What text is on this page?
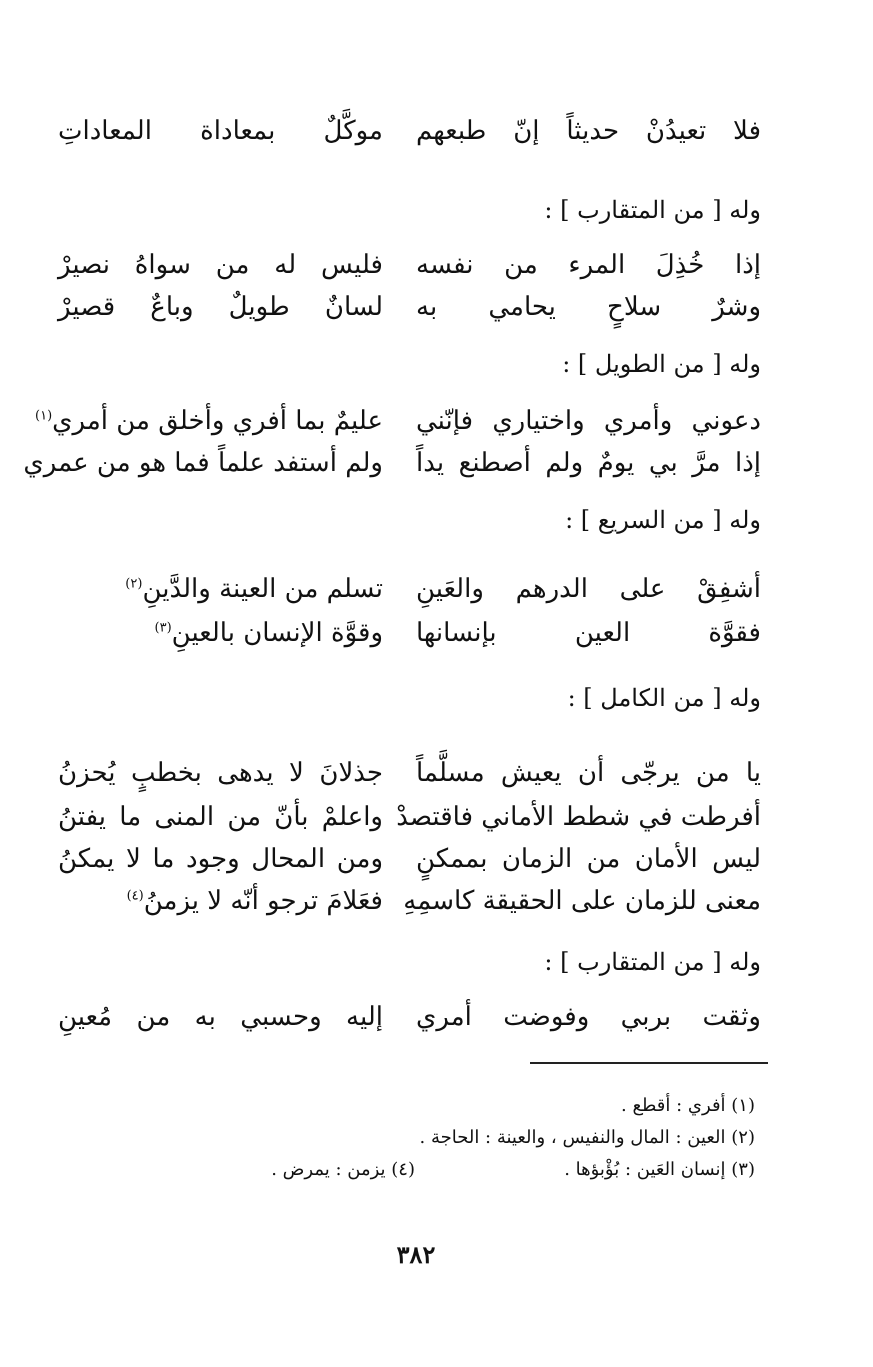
فلا تعيدُنْ حديثاً إنّ طبعهم
موكَّلٌ بمعاداة المعاداتِ
وله [ من المتقارب ] :
إذا خُذِلَ المرء من نفسه
فليس له من سواهُ نصيرْ
وشرٌ سلاحٍ يحامي به
لسانٌ طويلٌ وباعٌ قصيرْ
وله [ من الطويل ] :
دعوني وأمري واختياري فإنّني
عليمٌ بما أفري وأخلق من أمري$^{(١)}$
إذا مرَّ بي يومٌ ولم أصطنع يداً
ولم أستفد علماً فما هو من عمري
وله [ من السريع ] :
أشفِقْ على الدرهم والعَينِ
تسلم من العينة والدَّينِ$^{(٢)}$
فقوَّة العين بإنسانها
وقوَّة الإنسان بالعينِ$^{(٣)}$
وله [ من الكامل ] :
يا من يرجّى أن يعيش مسلَّماً
جذلانَ لا يدهى بخطبٍ يُحزنُ
أفرطت في شطط الأماني فاقتصدْ
واعلمْ بأنّ من المنى ما يفتنُ
ليس الأمان من الزمان بممكنٍ
ومن المحال وجود ما لا يمكنُ
معنى للزمان على الحقيقة كاسمِهِ
فعَلامَ ترجو أنّه لا يزمنُ$^{(٤)}$
وله [ من المتقارب ] :
وثقت بربي وفوضت أمري
إليه وحسبي به من مُعينِ
(١) أفري : أقطع .
(٢) العين : المال والنفيس ، والعينة : الحاجة .
(٣) إنسان العَين : بُؤْبؤها .
(٤) يزمن : يمرض .
٣٨٢
